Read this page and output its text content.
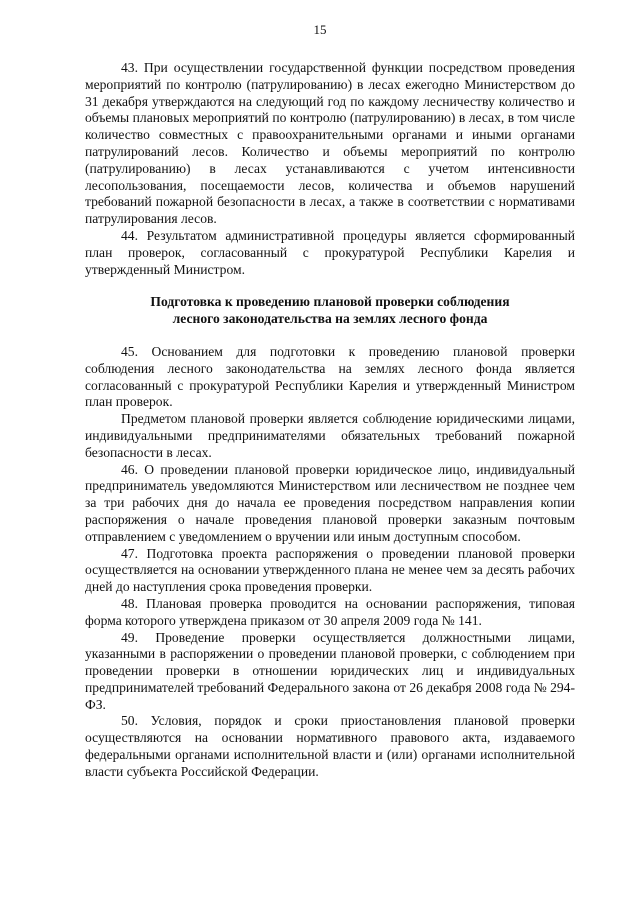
15

43. При осуществлении государственной функции посредством проведения мероприятий по контролю (патрулированию) в лесах ежегодно Министерством до 31 декабря утверждаются на следующий год по каждому лесничеству количество и объемы плановых мероприятий по контролю (патрулированию) в лесах, в том числе количество совместных с правоохранительными органами и иными органами патрулирований лесов. Количество и объемы мероприятий по контролю (патрулированию) в лесах устанавливаются с учетом интенсивности лесопользования, посещаемости лесов, количества и объемов нарушений требований пожарной безопасности в лесах, а также в соответствии с нормативами патрулирования лесов.

44. Результатом административной процедуры является сформированный план проверок, согласованный с прокуратурой Республики Карелия и утвержденный Министром.

Подготовка к проведению плановой проверки соблюдения
лесного законодательства на землях лесного фонда

45. Основанием для подготовки к проведению плановой проверки соблюдения лесного законодательства на землях лесного фонда является согласованный с прокуратурой Республики Карелия и утвержденный Министром план проверок.

Предметом плановой проверки является соблюдение юридическими лицами, индивидуальными предпринимателями обязательных требований пожарной безопасности в лесах.

46. О проведении плановой проверки юридическое лицо, индивидуальный предприниматель уведомляются Министерством или лесничеством не позднее чем за три рабочих дня до начала ее проведения посредством направления копии распоряжения о начале проведения плановой проверки заказным почтовым отправлением с уведомлением о вручении или иным доступным способом.

47. Подготовка проекта распоряжения о проведении плановой проверки осуществляется на основании утвержденного плана не менее чем за десять рабочих дней до наступления срока проведения проверки.

48. Плановая проверка проводится на основании распоряжения, типовая форма которого утверждена приказом от 30 апреля 2009 года № 141.

49. Проведение проверки осуществляется должностными лицами, указанными в распоряжении о проведении плановой проверки, с соблюдением при проведении проверки в отношении юридических лиц и индивидуальных предпринимателей требований Федерального закона от 26 декабря 2008 года № 294-ФЗ.

50. Условия, порядок и сроки приостановления плановой проверки осуществляются на основании нормативного правового акта, издаваемого федеральными органами исполнительной власти и (или) органами исполнительной власти субъекта Российской Федерации.
